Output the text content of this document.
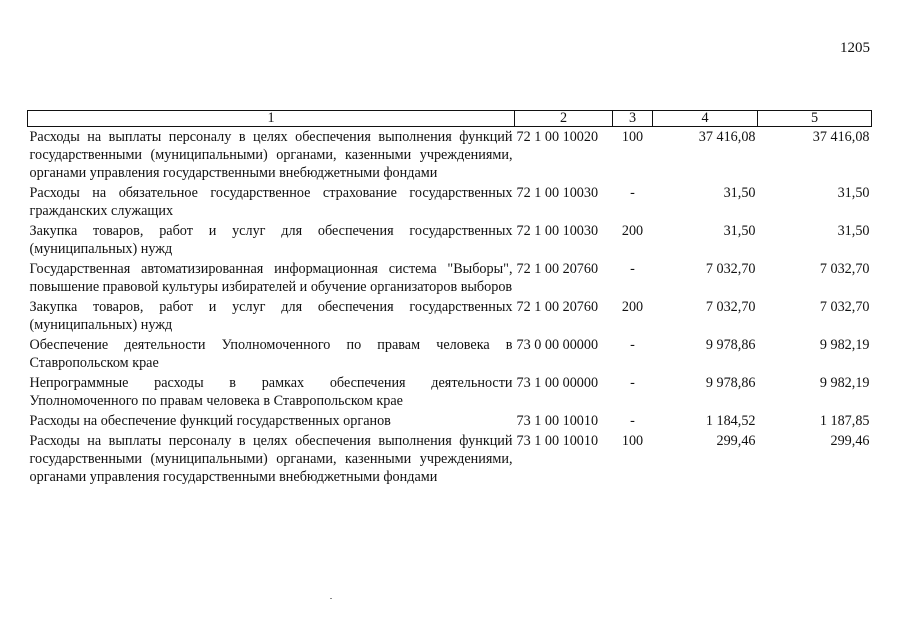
1205
1	2	3	4	5
Расходы на выплаты персоналу в целях обеспечения выполнения функций государственными (муниципальными) органами, казенными учреждениями, органами управления государственными внебюджетными фондами	72 1 00 10020	100	37 416,08	37 416,08
Расходы на обязательное государственное страхование государственных гражданских служащих	72 1 00 10030	-	31,50	31,50
Закупка товаров, работ и услуг для обеспечения государственных (муниципальных) нужд	72 1 00 10030	200	31,50	31,50
Государственная автоматизированная информационная система "Выборы", повышение правовой культуры избирателей и обучение организаторов выборов	72 1 00 20760	-	7 032,70	7 032,70
Закупка товаров, работ и услуг для обеспечения государственных (муниципальных) нужд	72 1 00 20760	200	7 032,70	7 032,70
Обеспечение деятельности Уполномоченного по правам человека в Ставропольском крае	73 0 00 00000	-	9 978,86	9 982,19
Непрограммные расходы в рамках обеспечения деятельности Уполномоченного по правам человека в Ставропольском крае	73 1 00 00000	-	9 978,86	9 982,19
Расходы на обеспечение функций государственных органов	73 1 00 10010	-	1 184,52	1 187,85
Расходы на выплаты персоналу в целях обеспечения выполнения функций государственными (муниципальными) органами, казенными учреждениями, органами управления государственными внебюджетными фондами	73 1 00 10010	100	299,46	299,46
